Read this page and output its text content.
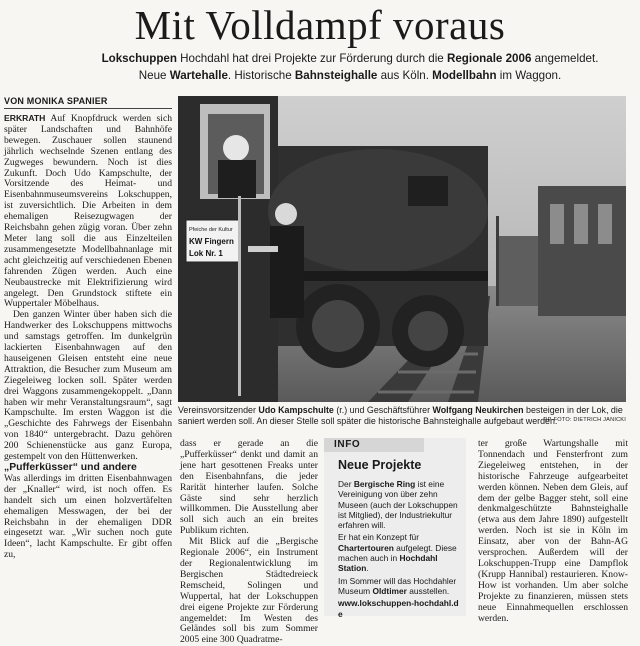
Mit Volldampf voraus
Lokschuppen Hochdahl hat drei Projekte zur Förderung durch die Regionale 2006 angemeldet.
Neue Wartehalle. Historische Bahnsteighalle aus Köln. Modellbahn im Waggon.
VON MONIKA SPANIER

ERKRATH Auf Knopfdruck werden sich später Landschaften und Bahnhöfe bewegen. Zuschauer sollen staunend jährlich wechselnde Szenen entlang des Zugweges bewundern. Noch ist dies Zukunft. Doch Udo Kampschulte, der Vorsitzende des Heimat- und Eisenbahnmuseumsvereins Lokschuppen, ist zuversichtlich. Die Arbeiten in dem ehemaligen Reisezugwagen der Reichsbahn gehen zügig voran. Über zehn Meter lang soll die aus Einzelteilen zusammengesetzte Modellbahnanlage mit acht gleichzeitig auf verschiedenen Ebenen fahrenden Zügen werden. Auch eine Neubaustrecke mit Elektrifizierung wird angelegt. Den Grundstock stiftete ein Wuppertaler Möbelhaus.

Den ganzen Winter über haben sich die Handwerker des Lokschuppens mittwochs und samstags getroffen. Im dunkelgrün lackierten Eisenbahnwagen auf den hauseigenen Gleisen entsteht eine neue Attraktion, die Besucher zum Museum am Ziegeleiweg locken soll. Später werden drei Waggons zusammengekoppelt. „Dann haben wir mehr Veranstaltungsraum“, sagt Kampschulte. Im ersten Waggon ist die „Geschichte des Fahrwegs der Eisenbahn von 1840“ untergebracht. Dazu gehören 200 Schienenstücke aus ganz Europa, gestempelt von den Hüttenwerken.

„Pufferküsser“ und andere

Was allerdings im dritten Eisenbahnwagen der „Knaller“ wird, ist noch offen. Es handelt sich um einen holzvertäfelten ehemaligen Messwagen, der bei der Reichsbahn in der ehemaligen DDR eingesetzt war. „Wir suchen noch gute Ideen“, lacht Kampschulte. Er gibt offen zu,

Pfeiche der Kultur
KW Fingern
Lok Nr. 1
Vereinsvorsitzender Udo Kampschulte (r.) und Geschäftsführer Wolfgang Neukirchen besteigen in der Lok, die saniert werden soll. An dieser Stelle soll später die historische Bahnsteighalle aufgebaut werden.
RP-FOTO: DIETRICH JANICKI

dass er gerade an die „Pufferküsser“ denkt und damit an jene hart gesottenen Freaks unter den Eisenbahnfans, die jeder Rarität hinterher laufen. Solche Gäste sind sehr herzlich willkommen. Die Ausstellung aber soll sich auch an ein breites Publikum richten.

Mit Blick auf die „Bergische Regionale 2006“, ein Instrument der Regionalentwicklung im Bergischen Städtedreieck Remscheid, Solingen und Wuppertal, hat der Lokschuppen drei eigene Projekte zur Förderung angemeldet: Im Westen des Geländes soll bis zum Sommer 2005 eine 300 Quadratme-

INFO
Neue Projekte

Der Bergische Ring ist eine Vereinigung von über zehn Museen (auch der Lokschuppen ist Mitglied), der Industriekultur erfahren will.

Er hat ein Konzept für Chartertouren aufgelegt. Diese machen auch in Hochdahl Station.

Im Sommer will das Hochdahler Museum Oldtimer ausstellen.

www.lokschuppen-hochdahl.de

ter große Wartungshalle mit Tonnendach und Fensterfront zum Ziegeleiweg entstehen, in der historische Fahrzeuge aufgearbeitet werden können. Neben dem Gleis, auf dem der gelbe Bagger steht, soll eine denkmalgeschützte Bahnsteighalle (etwa aus dem Jahre 1890) aufgestellt werden. Noch ist sie in Köln im Einsatz, aber von der Bahn-AG versprochen. Außerdem will der Lokschuppen-Trupp eine Dampflok (Krupp Hannibal) restaurieren. Know-How ist vorhanden. Um aber solche Projekte zu finanzieren, müssen stets neue Einnahmequellen erschlossen werden.
